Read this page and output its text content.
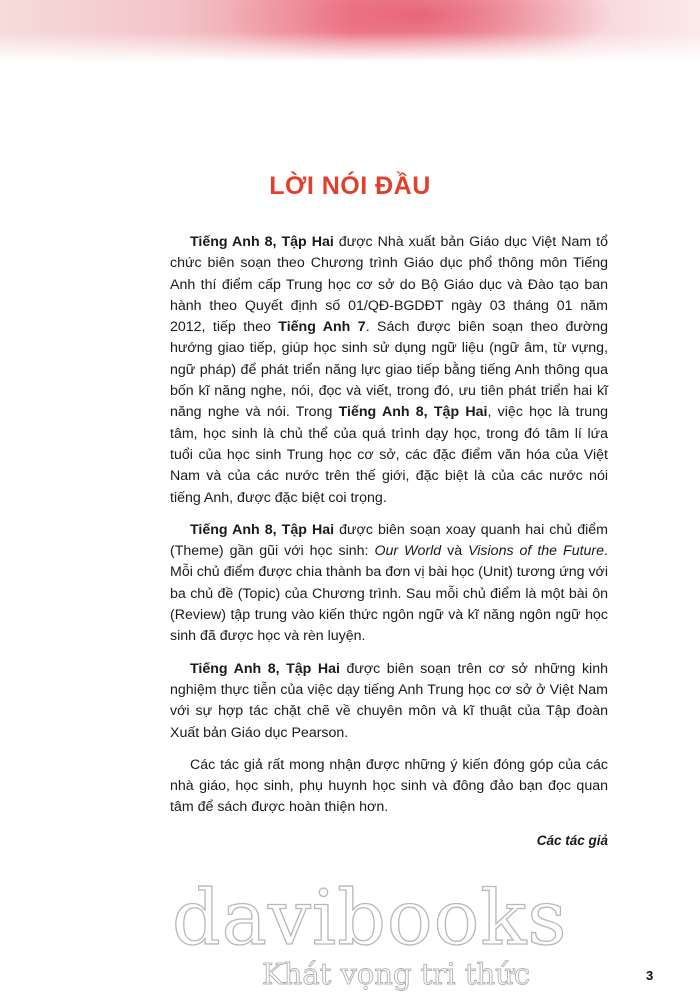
LỜI NÓI ĐẦU

Tiếng Anh 8, Tập Hai được Nhà xuất bản Giáo dục Việt Nam tổ chức biên soạn theo Chương trình Giáo dục phổ thông môn Tiếng Anh thí điểm cấp Trung học cơ sở do Bộ Giáo dục và Đào tạo ban hành theo Quyết định số 01/QĐ-BGDĐT ngày 03 tháng 01 năm 2012, tiếp theo Tiếng Anh 7. Sách được biên soạn theo đường hướng giao tiếp, giúp học sinh sử dụng ngữ liệu (ngữ âm, từ vựng, ngữ pháp) để phát triển năng lực giao tiếp bằng tiếng Anh thông qua bốn kĩ năng nghe, nói, đọc và viết, trong đó, ưu tiên phát triển hai kĩ năng nghe và nói. Trong Tiếng Anh 8, Tập Hai, việc học là trung tâm, học sinh là chủ thể của quá trình dạy học, trong đó tâm lí lứa tuổi của học sinh Trung học cơ sở, các đặc điểm văn hóa của Việt Nam và của các nước trên thế giới, đặc biệt là của các nước nói tiếng Anh, được đặc biệt coi trọng.

Tiếng Anh 8, Tập Hai được biên soạn xoay quanh hai chủ điểm (Theme) gần gũi với học sinh: Our World và Visions of the Future. Mỗi chủ điểm được chia thành ba đơn vị bài học (Unit) tương ứng với ba chủ đề (Topic) của Chương trình. Sau mỗi chủ điểm là một bài ôn (Review) tập trung vào kiến thức ngôn ngữ và kĩ năng ngôn ngữ học sinh đã được học và rèn luyện.

Tiếng Anh 8, Tập Hai được biên soạn trên cơ sở những kinh nghiệm thực tiễn của việc dạy tiếng Anh Trung học cơ sở ở Việt Nam với sự hợp tác chặt chẽ về chuyên môn và kĩ thuật của Tập đoàn Xuất bản Giáo dục Pearson.

Các tác giả rất mong nhận được những ý kiến đóng góp của các nhà giáo, học sinh, phụ huynh học sinh và đông đảo bạn đọc quan tâm để sách được hoàn thiện hơn.

Các tác giả
davibooks
Khát vọng tri thức	3
